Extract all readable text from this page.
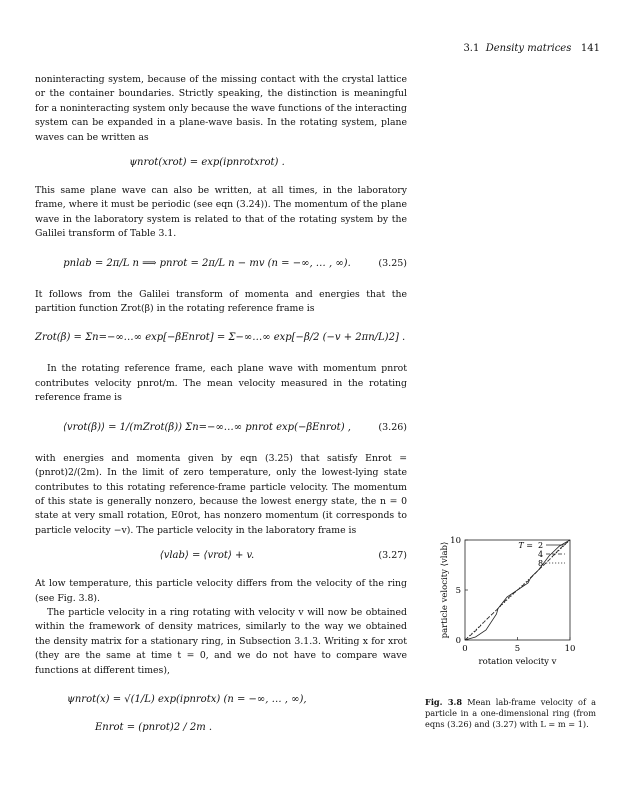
3.1 Density matrices 141

noninteracting system, because of the missing contact with the crystal lattice or the container boundaries. Strictly speaking, the distinction is meaningful for a noninteracting system only because the wave functions of the interacting system can be expanded in a plane-wave basis. In the rotating system, plane waves can be written as

ψnrot(xrot) = exp(ipnrotxrot) .

This same plane wave can also be written, at all times, in the laboratory frame, where it must be periodic (see eqn (3.24)). The momentum of the plane wave in the laboratory system is related to that of the rotating system by the Galilei transform of Table 3.1.

pnlab = 2π/L n ⟹ pnrot = 2π/L n − mv (n = −∞, … , ∞).	(3.25)

It follows from the Galilei transform of momenta and energies that the partition function Zrot(β) in the rotating reference frame is

Zrot(β) = Σn=−∞…∞ exp[−βEnrot] = Σ−∞…∞ exp[−β/2 (−v + 2πn/L)2] .

In the rotating reference frame, each plane wave with momentum pnrot contributes velocity pnrot/m. The mean velocity measured in the rotating reference frame is

⟨vrot(β)⟩ = 1/(mZrot(β)) Σn=−∞…∞ pnrot exp(−βEnrot) ,	(3.26)

with energies and momenta given by eqn (3.25) that satisfy Enrot = (pnrot)2/(2m). In the limit of zero temperature, only the lowest-lying state contributes to this rotating reference-frame particle velocity. The momentum of this state is generally nonzero, because the lowest energy state, the n = 0 state at very small rotation, E0rot, has nonzero momentum (it corresponds to particle velocity −v). The particle velocity in the laboratory frame is

⟨vlab⟩ = ⟨vrot⟩ + v.	(3.27)

At low temperature, this particle velocity differs from the velocity of the ring (see Fig. 3.8).

The particle velocity in a ring rotating with velocity v will now be obtained within the framework of density matrices, similarly to the way we obtained the density matrix for a stationary ring, in Subsection 3.1.3. Writing x for xrot (they are the same at time t = 0, and we do not have to compare wave functions at different times),

ψnrot(x) = √(1/L) exp(ipnrotx) (n = −∞, … , ∞),
Enrot = (pnrot)2 / 2m .
0
0
5
5
10
10
rotation velocity v
particle velocity ⟨vlab⟩	T = 2
4
8
Fig. 3.8 Mean lab-frame velocity of a particle in a one-dimensional ring (from eqns (3.26) and (3.27) with L = m = 1).
